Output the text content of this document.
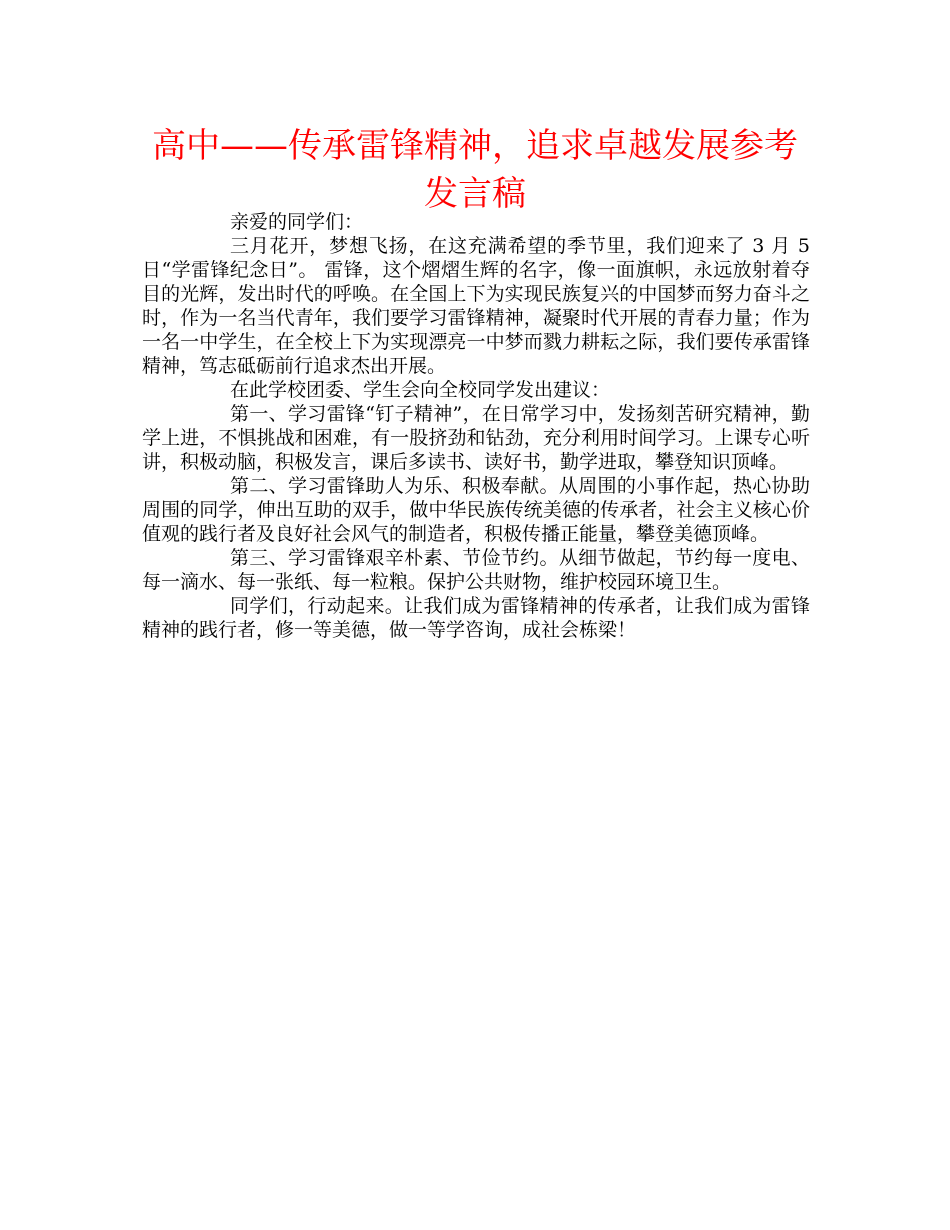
高中——传承雷锋精神，追求卓越发展参考发言稿

亲爱的同学们：

三月花开，梦想飞扬，在这充满希望的季节里，我们迎来了 3 月 5 日“学雷锋纪念日”。 雷锋，这个熠熠生辉的名字，像一面旗帜，永远放射着夺目的光辉，发出时代的呼唤。在全国上下为实现民族复兴的中国梦而努力奋斗之时，作为一名当代青年，我们要学习雷锋精神，凝聚时代开展的青春力量；作为一名一中学生，在全校上下为实现漂亮一中梦而戮力耕耘之际，我们要传承雷锋精神，笃志砥砺前行追求杰出开展。

在此学校团委、学生会向全校同学发出建议：

第一、学习雷锋“钉子精神”，在日常学习中，发扬刻苦研究精神，勤学上进，不惧挑战和困难，有一股挤劲和钻劲，充分利用时间学习。上课专心听讲，积极动脑，积极发言，课后多读书、读好书，勤学进取，攀登知识顶峰。

第二、学习雷锋助人为乐、积极奉献。从周围的小事作起，热心协助周围的同学，伸出互助的双手，做中华民族传统美德的传承者，社会主义核心价值观的践行者及良好社会风气的制造者，积极传播正能量，攀登美德顶峰。

第三、学习雷锋艰辛朴素、节俭节约。从细节做起，节约每一度电、每一滴水、每一张纸、每一粒粮。保护公共财物，维护校园环境卫生。

同学们，行动起来。让我们成为雷锋精神的传承者，让我们成为雷锋精神的践行者，修一等美德，做一等学咨询，成社会栋梁！
